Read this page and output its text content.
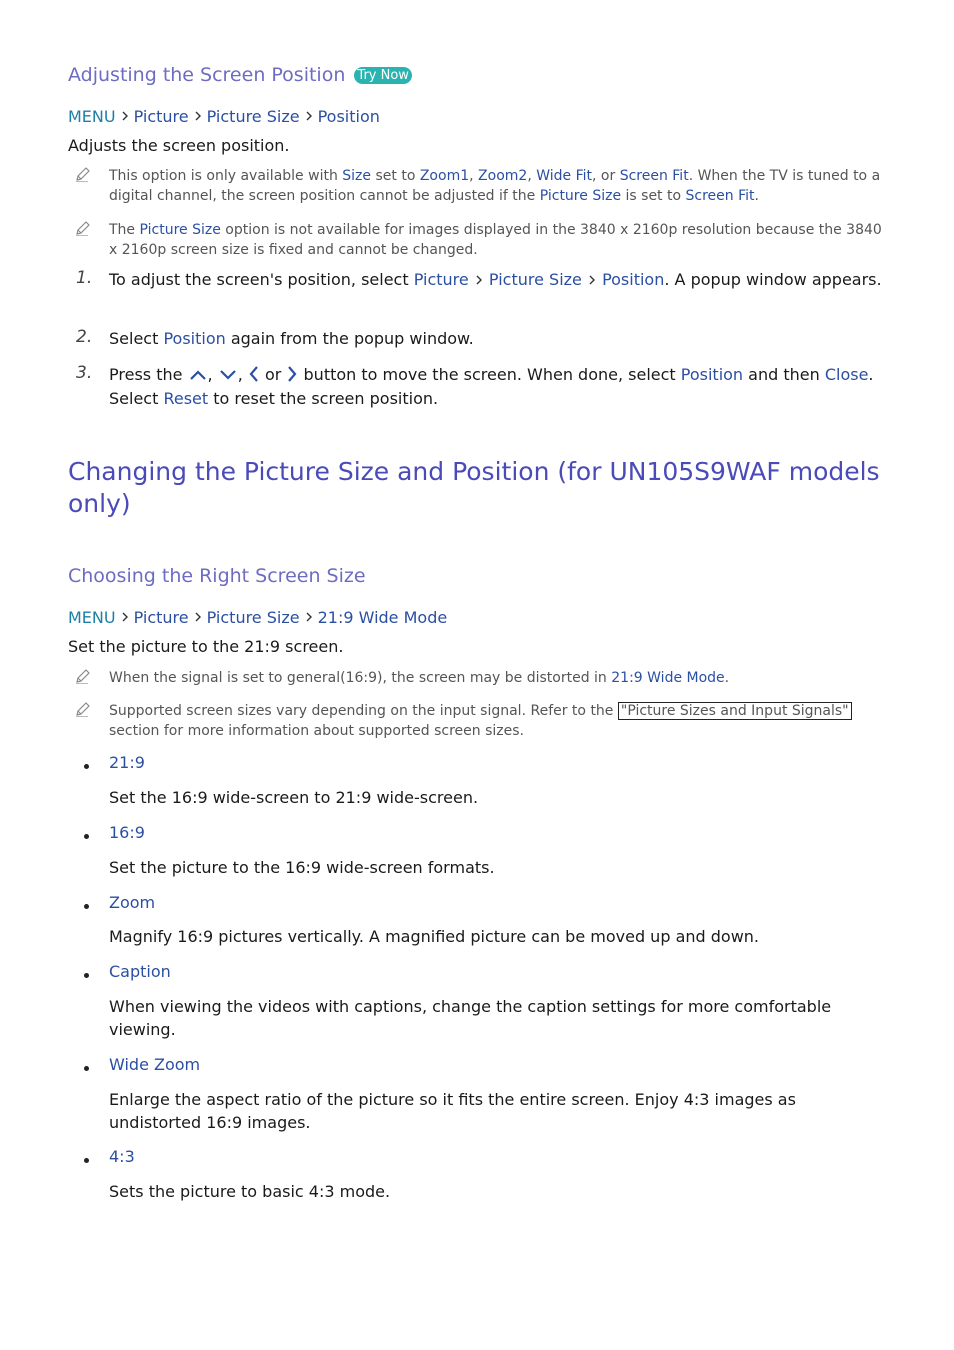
Adjusting the Screen Position Try Now
MENU Picture Picture Size Position
Adjusts the screen position.
This option is only available with Size set to Zoom1, Zoom2, Wide Fit, or Screen Fit. When the TV is tuned to a digital channel, the screen position cannot be adjusted if the Picture Size is set to Screen Fit.
The Picture Size option is not available for images displayed in the 3840 x 2160p resolution because the 3840 x 2160p screen size is fixed and cannot be changed.
1. To adjust the screen's position, select Picture Picture Size Position. A popup window appears.
2. Select Position again from the popup window.
3. Press the , ,  or  button to move the screen. When done, select Position and then Close. Select Reset to reset the screen position.
Changing the Picture Size and Position (for UN105S9WAF models only)
Choosing the Right Screen Size
MENU Picture Picture Size 21:9 Wide Mode
Set the picture to the 21:9 screen.
When the signal is set to general(16:9), the screen may be distorted in 21:9 Wide Mode.
Supported screen sizes vary depending on the input signal. Refer to the "Picture Sizes and Input Signals" section for more information about supported screen sizes.
21:9
Set the 16:9 wide-screen to 21:9 wide-screen.
16:9
Set the picture to the 16:9 wide-screen formats.
Zoom
Magnify 16:9 pictures vertically. A magnified picture can be moved up and down.
Caption
When viewing the videos with captions, change the caption settings for more comfortable viewing.
Wide Zoom
Enlarge the aspect ratio of the picture so it fits the entire screen. Enjoy 4:3 images as undistorted 16:9 images.
4:3
Sets the picture to basic 4:3 mode.
